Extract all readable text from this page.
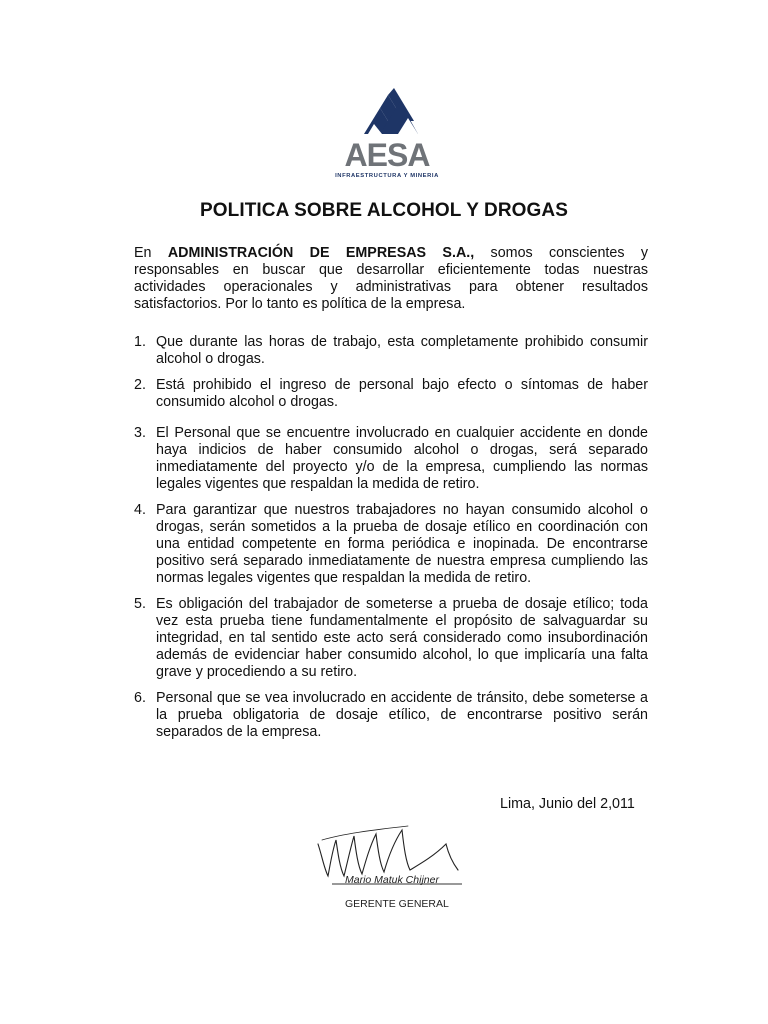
AESA
INFRAESTRUCTURA Y MINERIA
POLITICA SOBRE ALCOHOL Y DROGAS

En ADMINISTRACIÓN DE EMPRESAS S.A., somos conscientes y responsables en buscar que desarrollar eficientemente todas nuestras actividades operacionales y administrativas para obtener resultados satisfactorios. Por lo tanto es política de la empresa.

1. Que durante las horas de trabajo, esta completamente prohibido consumir alcohol o drogas.
2. Está prohibido el ingreso de personal bajo efecto o síntomas de haber consumido alcohol o drogas.
3. El Personal que se encuentre involucrado en cualquier accidente en donde haya indicios de haber consumido alcohol o drogas, será separado inmediatamente del proyecto y/o de la empresa, cumpliendo las normas legales vigentes que respaldan la medida de retiro.
4. Para garantizar que nuestros trabajadores no hayan consumido alcohol o drogas, serán sometidos a la prueba de dosaje etílico en coordinación con una entidad competente en forma periódica e inopinada. De encontrarse positivo será separado inmediatamente de nuestra empresa cumpliendo las normas legales vigentes que respaldan la medida de retiro.
5. Es obligación del trabajador de someterse a prueba de dosaje etílico; toda vez esta prueba tiene fundamentalmente el propósito de salvaguardar su integridad, en tal sentido este acto será considerado como insubordinación además de evidenciar haber consumido alcohol, lo que implicaría una falta grave y procediendo a su retiro.
6. Personal que se vea involucrado en accidente de tránsito, debe someterse a la prueba obligatoria de dosaje etílico, de encontrarse positivo serán separados de la empresa.
Lima, Junio del 2,011
Mario Matuk Chijner
GERENTE GENERAL
